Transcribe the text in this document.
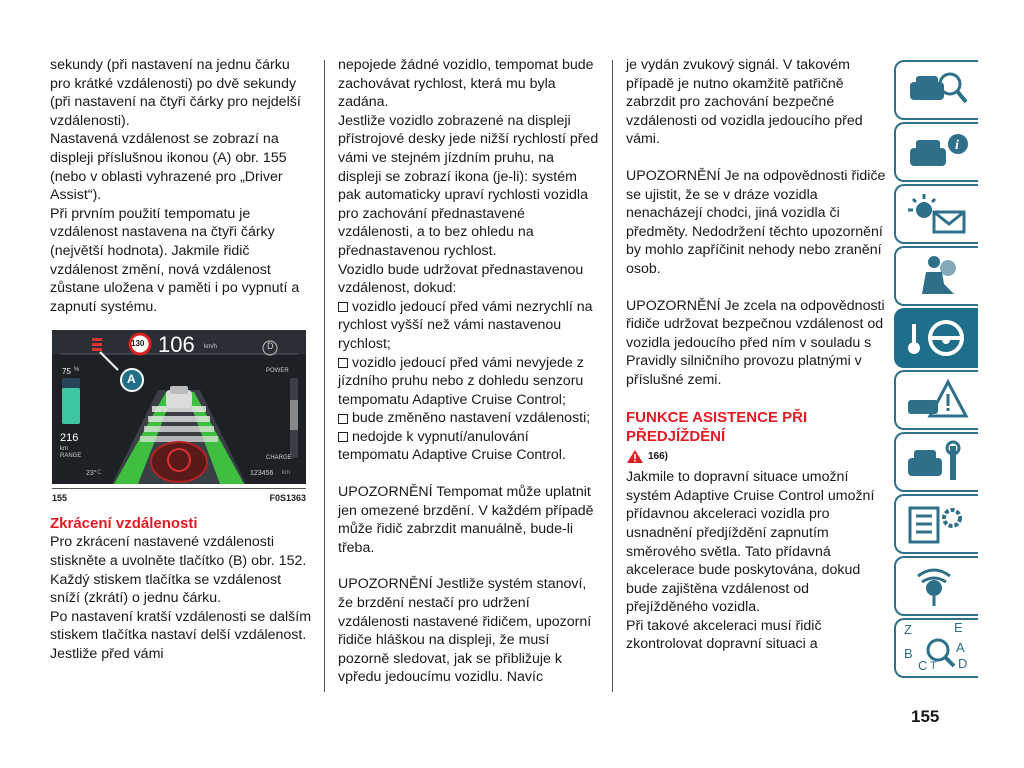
sekundy (při nastavení na jednu čárku pro krátké vzdálenosti) po dvě sekundy (při nastavení na čtyři čárky pro nejdelší vzdálenosti).

Nastavená vzdálenost se zobrazí na displeji příslušnou ikonou (A) obr. 155 (nebo v oblasti vyhrazené pro „Driver Assist“).

Při prvním použití tempomatu je vzdálenost nastavena na čtyři čárky (největší hodnota). Jakmile řidič vzdálenost změní, nová vzdálenost zůstane uložena v paměti i po vypnutí a zapnutí systému.

Zkrácení vzdálenosti

Pro zkrácení nastavené vzdálenosti stiskněte a uvolněte tlačítko (B) obr. 152.

Každý stiskem tlačítka se vzdálenost sníží (zkrátí) o jednu čárku.

Po nastavení kratší vzdálenosti se dalším stiskem tlačítka nastaví delší vzdálenost. Jestliže před vámi

130 106 km/h	D
A
75 %	POWER
CHARGE
216
km
RANGE
23° C	123456 km
155	F0S1363

nepojede žádné vozidlo, tempomat bude zachovávat rychlost, která mu byla zadána.

Jestliže vozidlo zobrazené na displeji přístrojové desky jede nižší rychlostí před vámi ve stejném jízdním pruhu, na displeji se zobrazí ikona (je-li): systém pak automaticky upraví rychlosti vozidla pro zachování přednastavené vzdálenosti, a to bez ohledu na přednastavenou rychlost.

Vozidlo bude udržovat přednastavenou vzdálenost, dokud:

vozidlo jedoucí před vámi nezrychlí na rychlost vyšší než vámi nastavenou rychlost;

vozidlo jedoucí před vámi nevyjede z jízdního pruhu nebo z dohledu senzoru tempomatu Adaptive Cruise Control;

bude změněno nastavení vzdálenosti;

nedojde k vypnutí/anulování tempomatu Adaptive Cruise Control.

UPOZORNĚNÍ Tempomat může uplatnit jen omezené brzdění. V každém případě může řidič zabrzdit manuálně, bude-li třeba.

UPOZORNĚNÍ Jestliže systém stanoví, že brzdění nestačí pro udržení vzdálenosti nastavené řidičem, upozorní řidiče hláškou na displeji, že musí pozorně sledovat, jak se přibližuje k vpředu jedoucímu vozidlu. Navíc

je vydán zvukový signál. V takovém případě je nutno okamžitě patřičně zabrzdit pro zachování bezpečné vzdálenosti od vozidla jedoucího před vámi.

UPOZORNĚNÍ Je na odpovědnosti řidiče se ujistit, že se v dráze vozidla nenacházejí chodci, jiná vozidla či předměty. Nedodržení těchto upozornění by mohlo zapříčinit nehody nebo zranění osob.

UPOZORNĚNÍ Je zcela na odpovědnosti řidiče udržovat bezpečnou vzdálenost od vozidla jedoucího před ním v souladu s Pravidly silničního provozu platnými v příslušné zemi.

FUNKCE ASISTENCE PŘI PŘEDJÍŽDĚNÍ

166)

Jakmile to dopravní situace umožní systém Adaptive Cruise Control umožní přídavnou akceleraci vozidla pro usnadnění předjíždění zapnutím směrového světla. Tato přídavná akcelerace bude poskytována, dokud bude zajištěna vzdálenost od přejížděného vozidla.

Při takové akceleraci musí řidič zkontrolovat dopravní situaci a

i
Z	E
A
B
C T D
155
